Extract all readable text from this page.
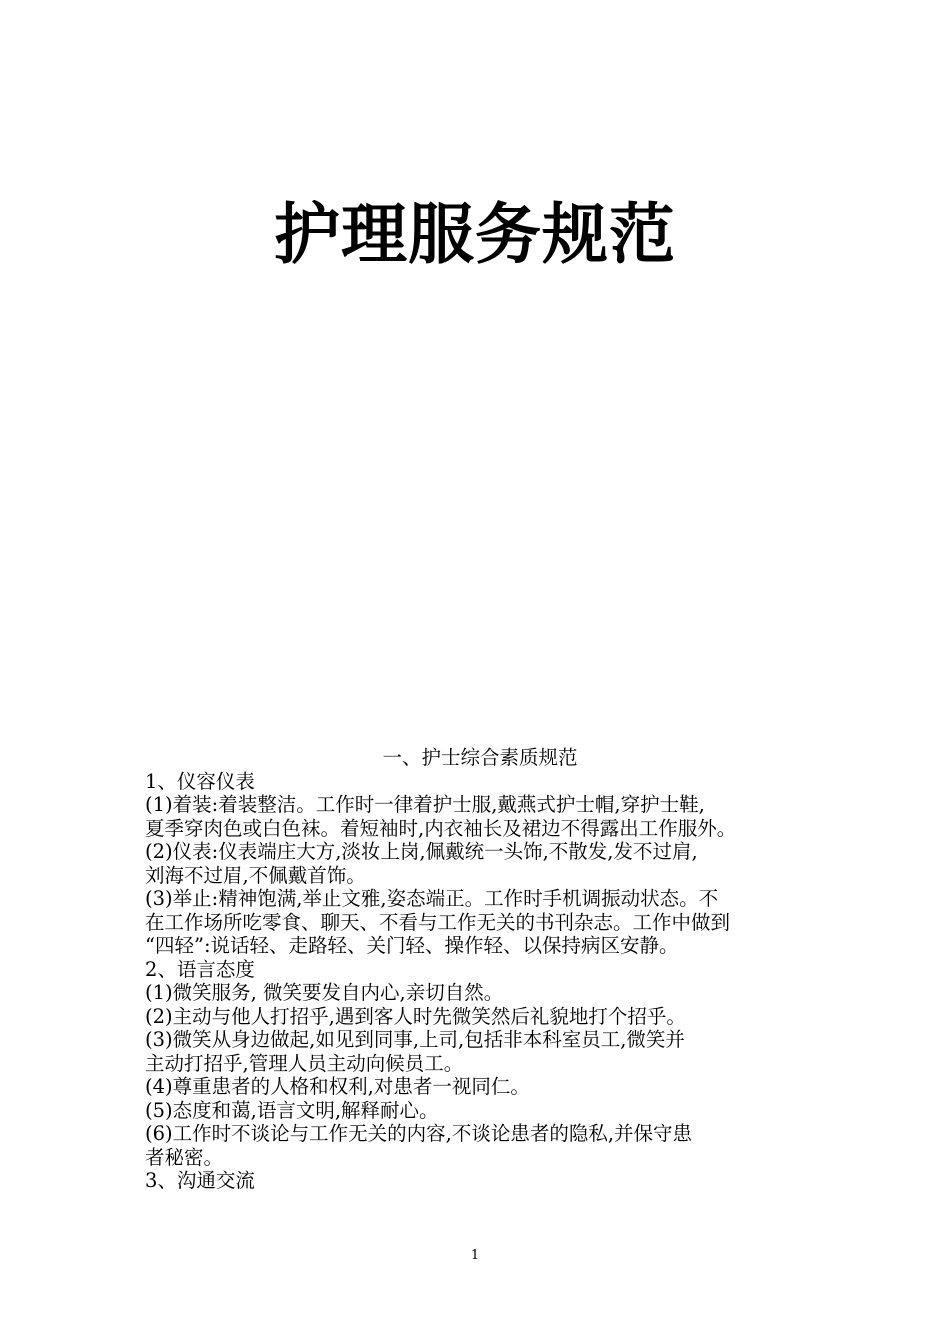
护理服务规范

一、护士综合素质规范

1、仪容仪表

(1)着装:着装整洁。工作时一律着护士服,戴燕式护士帽,穿护士鞋,

夏季穿肉色或白色袜。着短袖时,内衣袖长及裙边不得露出工作服外。

(2)仪表:仪表端庄大方,淡妆上岗,佩戴统一头饰,不散发,发不过肩,

刘海不过眉,不佩戴首饰。

(3)举止:精神饱满,举止文雅,姿态端正。工作时手机调振动状态。不

在工作场所吃零食、聊天、不看与工作无关的书刊杂志。工作中做到

“四轻”:说话轻、走路轻、关门轻、操作轻、以保持病区安静。

2、语言态度

(1)微笑服务, 微笑要发自内心,亲切自然。

(2)主动与他人打招乎,遇到客人时先微笑然后礼貌地打个招乎。

(3)微笑从身边做起,如见到同事,上司,包括非本科室员工,微笑并

主动打招乎,管理人员主动向候员工。

(4)尊重患者的人格和权利,对患者一视同仁。

(5)态度和蔼,语言文明,解释耐心。

(6)工作时不谈论与工作无关的内容,不谈论患者的隐私,并保守患

者秘密。

3、沟通交流

1
